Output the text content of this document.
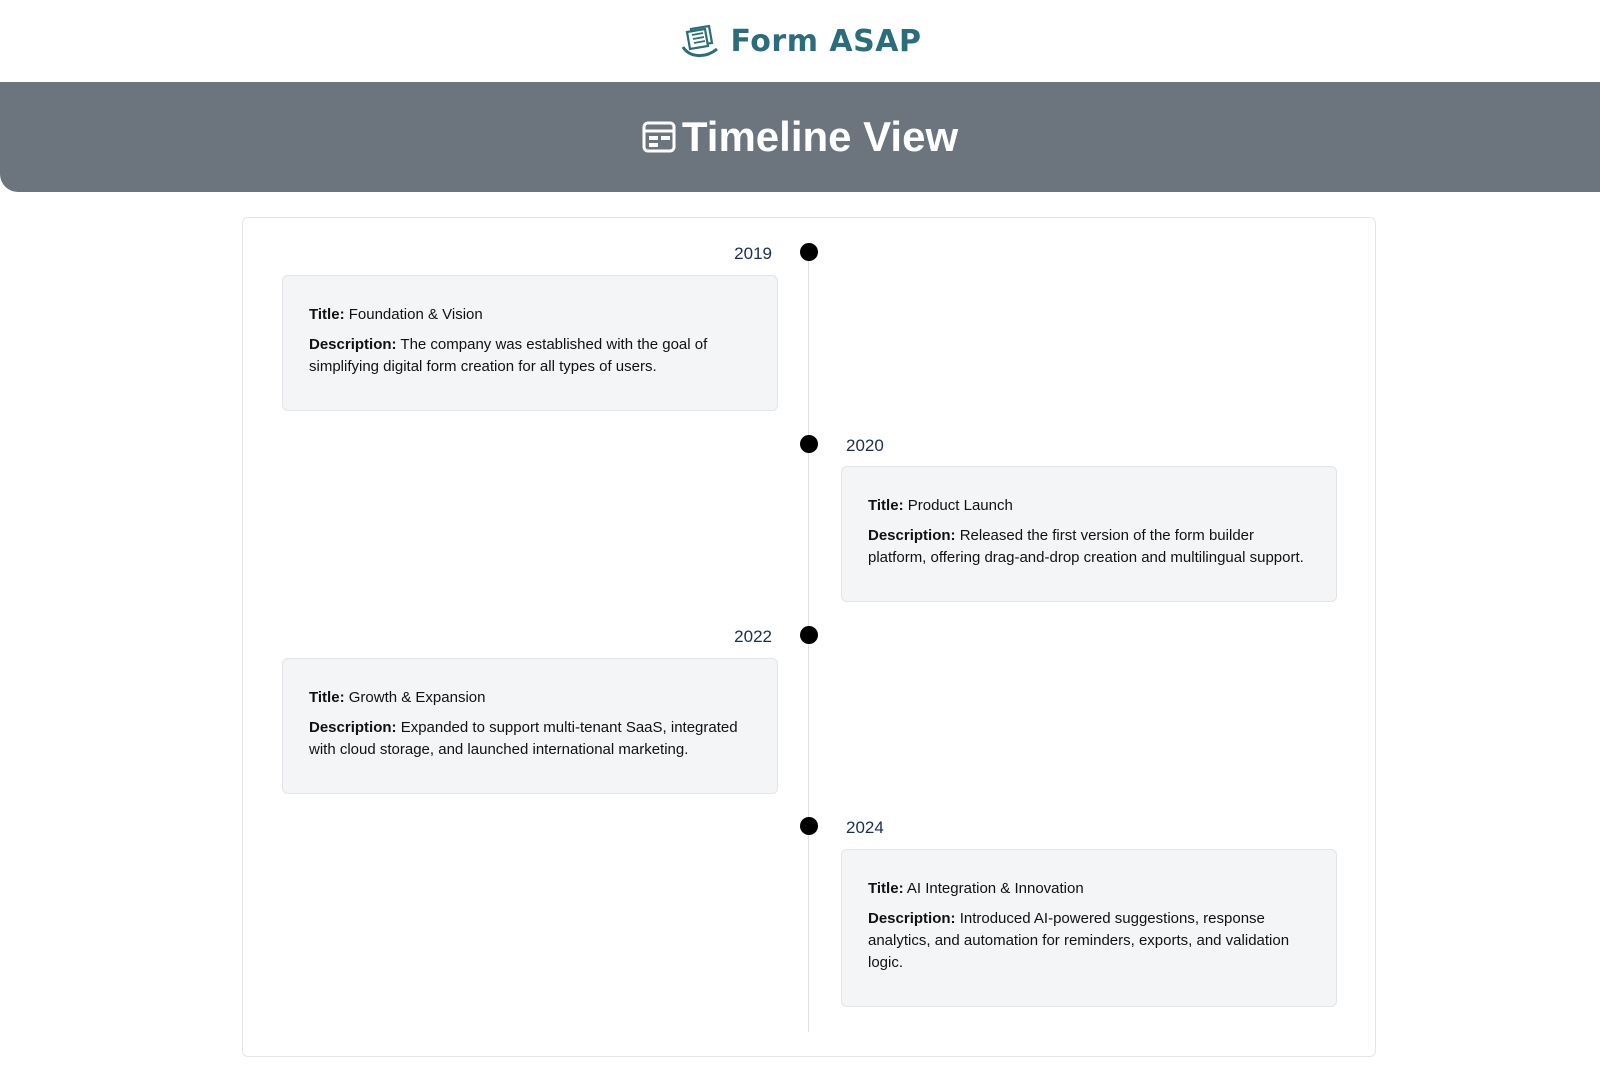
Form ASAP
Timeline View
2019

Title: Foundation & Vision

Description: The company was established with the goal of simplifying digital form creation for all types of users.

2020

Title: Product Launch

Description: Released the first version of the form builder platform, offering drag-and-drop creation and multilingual support.

2022

Title: Growth & Expansion

Description: Expanded to support multi-tenant SaaS, integrated with cloud storage, and launched international marketing.

2024

Title: AI Integration & Innovation

Description: Introduced AI-powered suggestions, response analytics, and automation for reminders, exports, and validation logic.
